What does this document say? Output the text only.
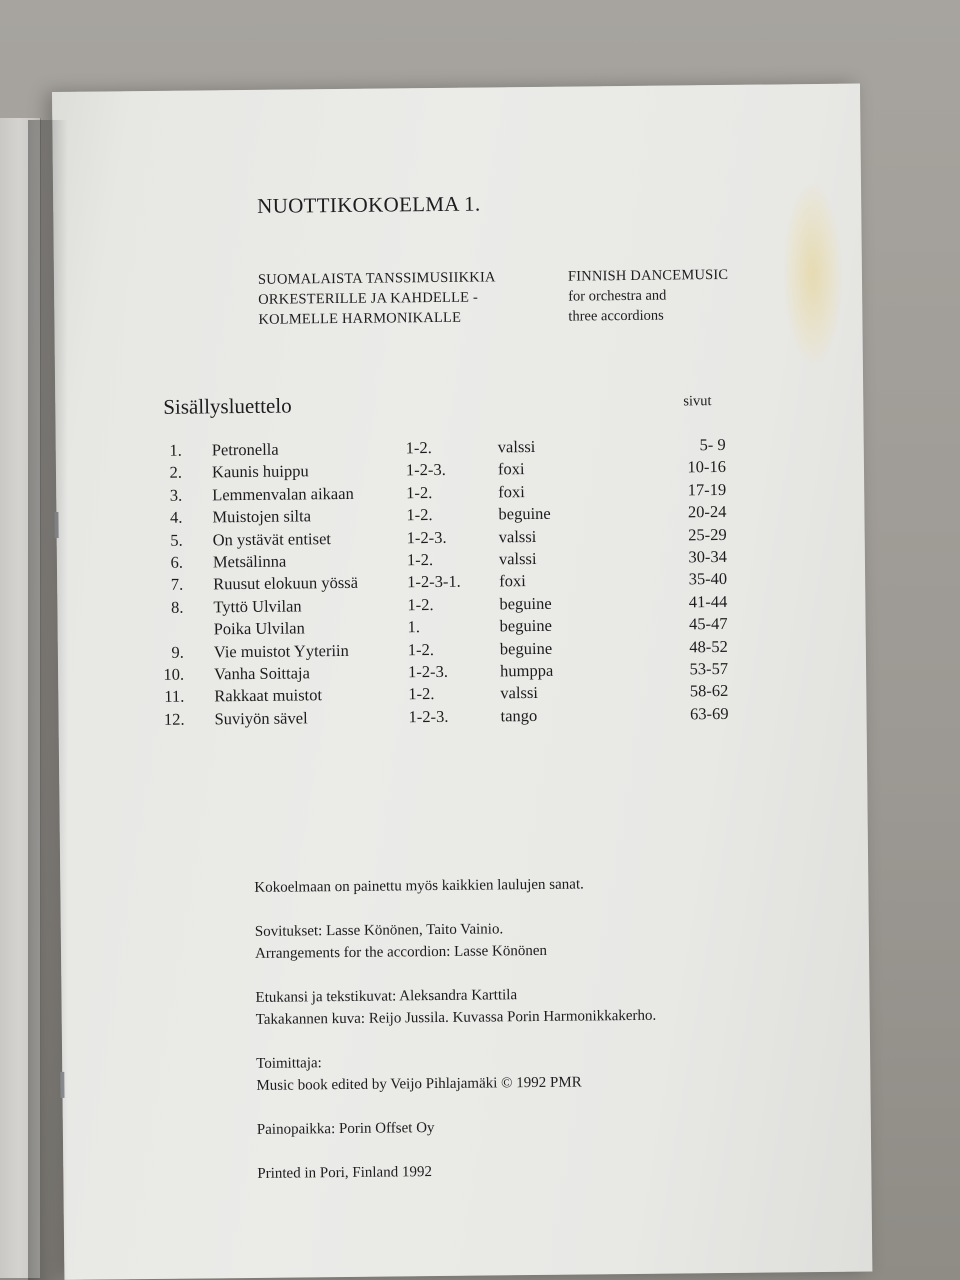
NUOTTIKOKOELMA 1.
SUOMALAISTA TANSSIMUSIIKKIA
ORKESTERILLE JA KAHDELLE -
KOLMELLE HARMONIKALLE
FINNISH DANCEMUSIC
for orchestra and
three accordions
Sisällysluettelo	sivut
1. Petronella	1-2.	valssi	5- 9
2. Kaunis huippu	1-2-3.	foxi	10-16
3. Lemmenvalan aikaan	1-2.	foxi	17-19
4. Muistojen silta	1-2.	beguine	20-24
5. On ystävät entiset	1-2-3.	valssi	25-29
6. Metsälinna	1-2.	valssi	30-34
7. Ruusut elokuun yössä	1-2-3-1. foxi	35-40
8. Tyttö Ulvilan	1-2.	beguine	41-44
Poika Ulvilan	1.	beguine	45-47
9. Vie muistot Yyteriin	1-2.	beguine	48-52
10. Vanha Soittaja	1-2-3.	humppa	53-57
11. Rakkaat muistot	1-2.	valssi	58-62
12. Suviyön sävel	1-2-3.	tango	63-69
Kokoelmaan on painettu myös kaikkien laulujen sanat.
Sovitukset: Lasse Könönen, Taito Vainio.
Arrangements for the accordion: Lasse Könönen
Etukansi ja tekstikuvat: Aleksandra Karttila
Takakannen kuva: Reijo Jussila. Kuvassa Porin Harmonikkakerho.
Toimittaja:
Music book edited by Veijo Pihlajamäki © 1992 PMR
Painopaikka: Porin Offset Oy
Printed in Pori, Finland 1992
